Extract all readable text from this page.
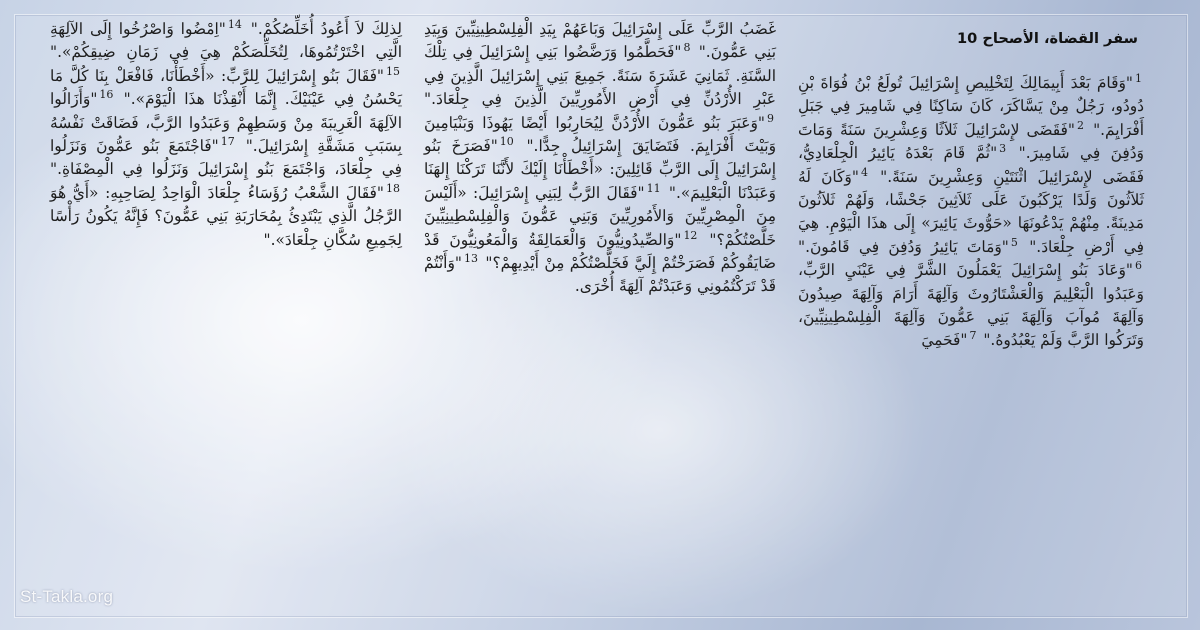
سفر القضاة، الأصحاح 10
$^1$"وَقَامَ بَعْدَ أَبِيمَالِكَ لِتَخْلِيصِ إِسْرَائِيلَ تُولَعُ بْنُ فُوَاةَ بْنِ دُودُو، رَجُلٌ مِنْ يَسَّاكَرَ، كَانَ سَاكِنًا فِي شَامِيرَ فِي جَبَلِ أَفْرَايِمَ." $^2$"فَقَضَى لإِسْرَائِيلَ ثَلاَثًا وَعِشْرِينَ سَنَةً وَمَاتَ وَدُفِنَ فِي شَامِيرَ." $^3$"ثُمَّ قَامَ بَعْدَهُ يَائِيرُ الْجِلْعَادِيُّ، فَقَضَى لإِسْرَائِيلَ اثْنَتَيْنِ وَعِشْرِينَ سَنَةً." $^4$"وَكَانَ لَهُ ثَلاَثُونَ وَلَدًا يَرْكَبُونَ عَلَى ثَلاَثِينَ جَحْشًا، وَلَهُمْ ثَلاَثُونَ مَدِينَةً. مِنْهُمْ يَدْعُونَهَا «حَوُّوثَ يَائِيرَ» إِلَى هذَا الْيَوْمِ. هِيَ فِي أَرْضِ جِلْعَادَ." $^5$"وَمَاتَ يَائِيرُ وَدُفِنَ فِي قَامُونَ." $^6$"وَعَادَ بَنُو إِسْرَائِيلَ يَعْمَلُونَ الشَّرَّ فِي عَيْنَيِ الرَّبِّ، وَعَبَدُوا الْبَعْلِيمَ وَالْعَشْتَارُوثَ وَآلِهَةَ أَرَامَ وَآلِهَةَ صِيدُونَ وَآلِهَةَ مُوآبَ وَآلِهَةَ بَنِي عَمُّونَ وَآلِهَةَ الْفِلِسْطِينِيِّينَ، وَتَرَكُوا الرَّبَّ وَلَمْ يَعْبُدُوهُ." $^7$"فَحَمِيَ
غَضَبُ الرَّبِّ عَلَى إِسْرَائِيلَ وَبَاعَهُمْ بِيَدِ الْفِلِسْطِينِيِّينَ وَبِيَدِ بَنِي عَمُّونَ." $^8$"فَحَطَّمُوا وَرَضَّضُوا بَنِي إِسْرَائِيلَ فِي تِلْكَ السَّنَةِ. ثَمَانِيَ عَشَرَةَ سَنَةً. جَمِيعَ بَنِي إِسْرَائِيلَ الَّذِينَ فِي عَبْرِ الأُرْدُنِّ فِي أَرْضِ الأَمُورِيِّينَ الَّذِينَ فِي جِلْعَادَ." $^9$"وَعَبَرَ بَنُو عَمُّونَ الأُرْدُنَّ لِيُحَارِبُوا أَيْضًا يَهُوذَا وَبَنْيَامِينَ وَبَيْتَ أَفْرَايِمَ. فَتَضَايَقَ إِسْرَائِيلُ جِدًّا." $^{10}$"فَصَرَخَ بَنُو إِسْرَائِيلَ إِلَى الرَّبِّ قَائِلِينَ: «أَخْطَأْنَا إِلَيْكَ لأَنَّنَا تَرَكْنَا إِلهَنَا وَعَبَدْنَا الْبَعْلِيمَ»." $^{11}$"فَقَالَ الرَّبُّ لِبَنِي إِسْرَائِيلَ: «أَلَيْسَ مِنَ الْمِصْرِيِّينَ وَالأَمُورِيِّينَ وَبَنِي عَمُّونَ وَالْفِلِسْطِينِيِّينَ خَلَّصْتُكُمْ؟" $^{12}$"وَالصِّيدُونِيُّونَ وَالْعَمَالِقَةُ وَالْمَعُونِيُّونَ قَدْ ضَايَقُوكُمْ فَصَرَخْتُمْ إِلَيَّ فَخَلَّصْتُكُمْ مِنْ أَيْدِيهِمْ؟" $^{13}$"وَأَنْتُمْ قَدْ تَرَكْتُمُونِي وَعَبَدْتُمْ آلِهَةً أُخْرَى.
لِذلِكَ لاَ أَعُودُ أُخَلِّصُكُمْ." $^{14}$"اِمْضُوا وَاصْرُخُوا إِلَى الآلِهَةِ الَّتِي اخْتَرْتُمُوهَا، لِتُخَلِّصَكُمْ هِيَ فِي زَمَانِ ضِيقِكُمْ»." $^{15}$"فَقَالَ بَنُو إِسْرَائِيلَ لِلرَّبِّ: «أَخْطَأْنَا، فَافْعَلْ بِنَا كُلَّ مَا يَحْسُنُ فِي عَيْنَيْكَ. إِنَّمَا أَنْقِذْنَا هذَا الْيَوْمَ»." $^{16}$"وَأَزَالُوا الآلِهَةَ الْغَرِيبَةَ مِنْ وَسَطِهِمْ وَعَبَدُوا الرَّبَّ، فَضَاقَتْ نَفْسُهُ بِسَبَبِ مَشَقَّةِ إِسْرَائِيلَ." $^{17}$"فَاجْتَمَعَ بَنُو عَمُّونَ وَنَزَلُوا فِي جِلْعَادَ، وَاجْتَمَعَ بَنُو إِسْرَائِيلَ وَنَزَلُوا فِي الْمِصْفَاةِ." $^{18}$"فَقَالَ الشَّعْبُ رُؤَسَاءُ جِلْعَادَ الْوَاحِدُ لِصَاحِبِهِ: «أَيُّ هُوَ الرَّجُلُ الَّذِي يَبْتَدِئُ بِمُحَارَبَةِ بَنِي عَمُّونَ؟ فَإِنَّهُ يَكُونُ رَأْسًا لِجَمِيعِ سُكَّانِ جِلْعَادَ»."
St-Takla.org
